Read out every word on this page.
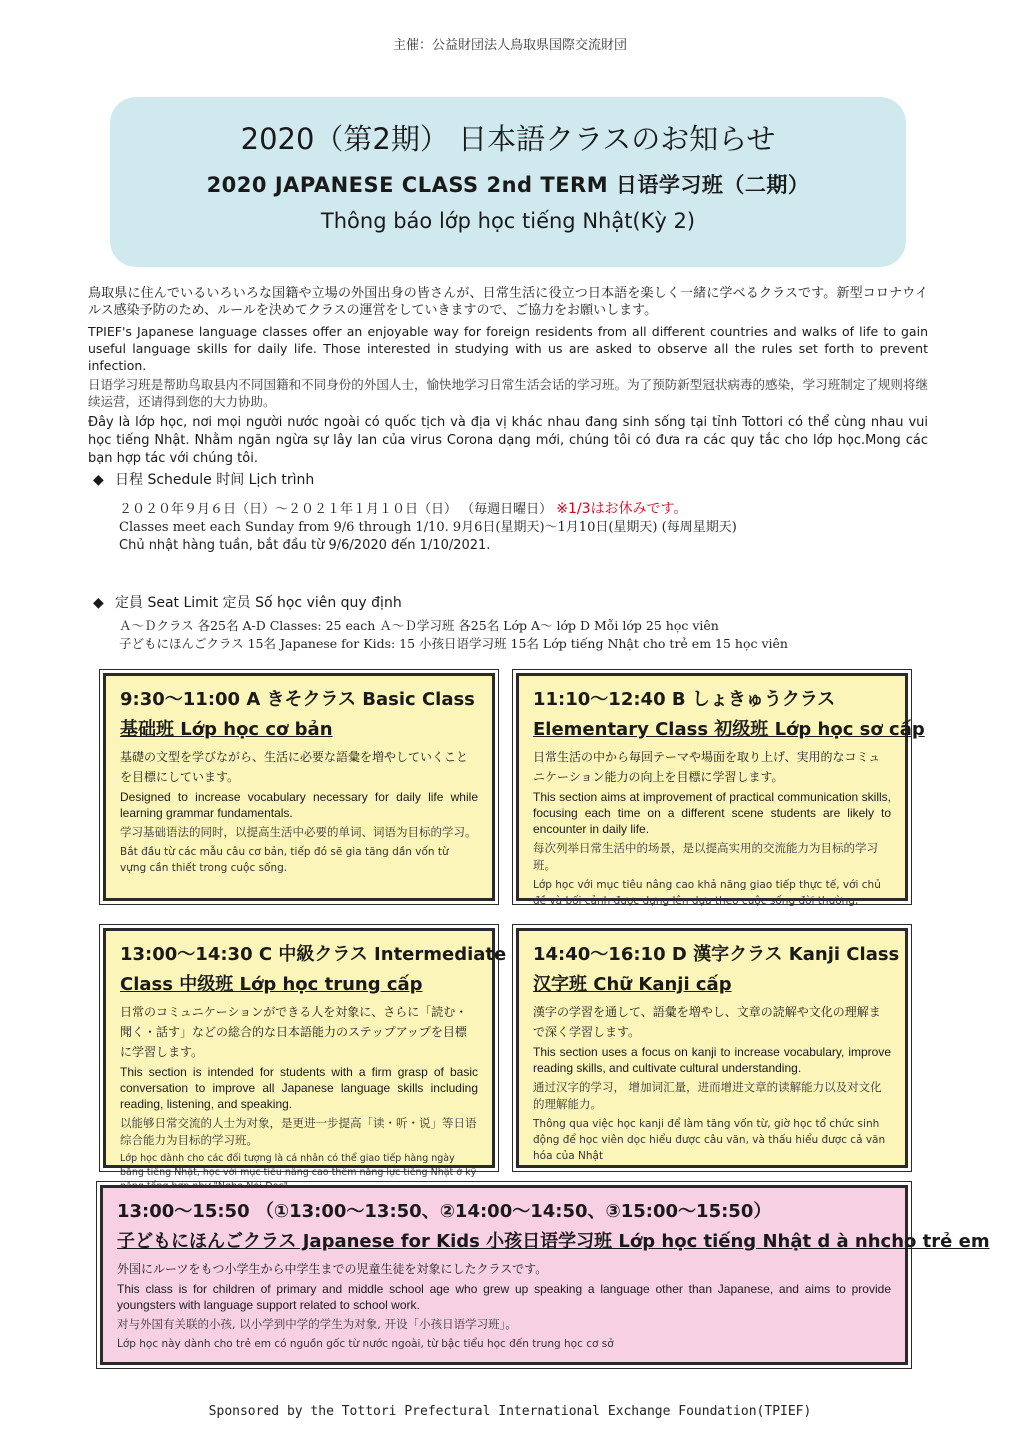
主催：公益財団法人鳥取県国際交流財団
2020（第2期） 日本語クラスのお知らせ
2020 JAPANESE CLASS 2nd TERM 日语学习班（二期）
Thông báo lớp học tiếng Nhật(Kỳ 2)

鳥取県に住んでいるいろいろな国籍や立場の外国出身の皆さんが、日常生活に役立つ日本語を楽しく一緒に学べるクラスです。新型コロナウイルス感染予防のため、ルールを決めてクラスの運営をしていきますので、ご協力をお願いします。

TPIEF's Japanese language classes offer an enjoyable way for foreign residents from all different countries and walks of life to gain useful language skills for daily life. Those interested in studying with us are asked to observe all the rules set forth to prevent infection.

日语学习班是帮助鸟取县内不同国籍和不同身份的外国人士，愉快地学习日常生活会话的学习班。为了预防新型冠状病毒的感染，学习班制定了规则将继续运营，还请得到您的大力协助。

Đây là lớp học, nơi mọi người nước ngoài có quốc tịch và địa vị khác nhau đang sinh sống tại tỉnh Tottori có thể cùng nhau vui học tiếng Nhật. Nhằm ngăn ngừa sự lây lan của virus Corona dạng mới, chúng tôi có đưa ra các quy tắc cho lớp học.Mong các bạn hợp tác với chúng tôi.

◆ 日程 Schedule 时间 Lịch trình
２０２０年９月６日（日）～２０２１年１月１０日（日） （毎週日曜日） ※1/3はお休みです。
Classes meet each Sunday from 9/6 through 1/10. 9月6日(星期天)～1月10日(星期天) (每周星期天)
Chủ nhật hàng tuần, bắt đầu từ 9/6/2020 đến 1/10/2021.
◆ 定員 Seat Limit 定员 Số học viên quy định
Ａ～Ｄクラス 各25名 A-D Classes: 25 each Ａ～Ｄ学习班 各25名 Lớp A～ lớp D Mỗi lớp 25 học viên
子どもにほんごクラス 15名 Japanese for Kids: 15 小孩日语学习班 15名 Lớp tiếng Nhật cho trẻ em 15 học viên
9:30～11:00 A きそクラス Basic Class
基础班 Lớp học cơ bản
基礎の文型を学びながら、生活に必要な語彙を増やしていくことを目標にしています。
Designed to increase vocabulary necessary for daily life while learning grammar fundamentals.
学习基础语法的同时，以提高生活中必要的单词、词语为目标的学习。
Bắt đầu từ các mẫu câu cơ bản, tiếp đó sẽ gia tăng dần vốn từ vựng cần thiết trong cuộc sống.
11:10～12:40 B しょきゅうクラス
Elementary Class 初级班 Lớp học sơ cấp
日常生活の中から毎回テーマや場面を取り上げ、実用的なコミュニケーション能力の向上を目標に学習します。
This section aims at improvement of practical communication skills, focusing each time on a different scene students are likely to encounter in daily life.
每次列举日常生活中的场景，是以提高实用的交流能力为目标的学习班。
Lớp học với mục tiêu nâng cao khả năng giao tiếp thực tế, với chủ đề và bối cảnh được dựng lên dựa theo cuộc sống đời thường,
13:00～14:30 C 中級クラス Intermediate
Class 中级班 Lớp học trung cấp
日常のコミュニケーションができる人を対象に、さらに「読む・聞く・話す」などの総合的な日本語能力のステップアップを目標に学習します。
This section is intended for students with a firm grasp of basic conversation to improve all Japanese language skills including reading, listening, and speaking.
以能够日常交流的人士为对象，是更进一步提高「读・听・说」等日语综合能力为目标的学习班。
Lớp học dành cho các đối tượng là cá nhân có thể giao tiếp hàng ngày bằng tiếng Nhật, học với mục tiêu nâng cao thêm năng lực tiếng Nhật ở kỹ
14:40～16:10 D 漢字クラス Kanji Class
汉字班 Chữ Kanji cấp
漢字の学習を通して、語彙を増やし、文章の読解や文化の理解まで深く学習します。
This section uses a focus on kanji to increase vocabulary, improve reading skills, and cultivate cultural understanding.
通过汉字的学习， 增加词汇量，进而增进文章的读解能力以及对文化的理解能力。
Thông qua việc học kanji để làm tăng vốn từ, giờ học tổ chức sinh động để học viên dọc hiểu được câu văn, và thấu hiểu được cả văn hóa của Nhật
13:00～15:50 （①13:00～13:50、②14:00～14:50、③15:00～15:50）
子どもにほんごクラス Japanese for Kids 小孩日语学习班 Lớp học tiếng Nhật d à nhcho trẻ em
外国にルーツをもつ小学生から中学生までの児童生徒を対象にしたクラスです。
This class is for children of primary and middle school age who grew up speaking a language other than Japanese, and aims to provide youngsters with language support related to school work.
对与外国有关联的小孩, 以小学到中学的学生为对象, 开设「小孩日语学习班」。
Lớp học này dành cho trẻ em có nguồn gốc từ nước ngoài, từ bậc tiểu học đến trung học cơ sở
Sponsored by the Tottori Prefectural International Exchange Foundation(TPIEF)
